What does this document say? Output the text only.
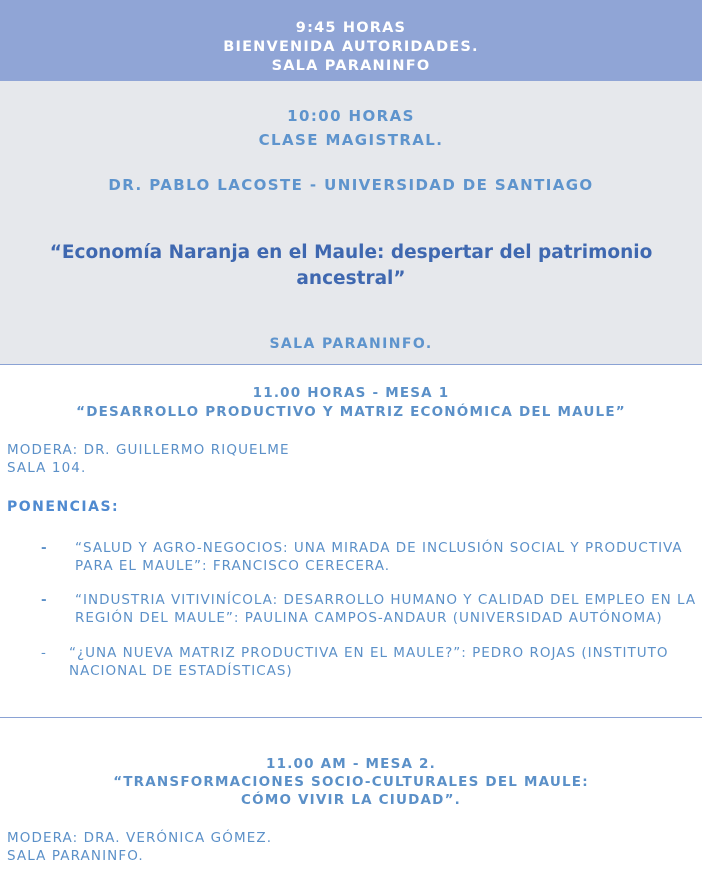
9:45 HORAS
BIENVENIDA AUTORIDADES.
SALA PARANINFO
10:00 HORAS
CLASE MAGISTRAL.
DR. PABLO LACOSTE - UNIVERSIDAD DE SANTIAGO
“Economía Naranja en el Maule: despertar del patrimonio ancestral”
SALA PARANINFO.
11.00 HORAS - MESA 1
“DESARROLLO PRODUCTIVO Y MATRIZ ECONÓMICA DEL MAULE”
MODERA: DR. GUILLERMO RIQUELME
SALA 104.
PONENCIAS:
- “SALUD Y AGRO-NEGOCIOS: UNA MIRADA DE INCLUSIÓN SOCIAL Y PRODUCTIVA
PARA EL MAULE”: FRANCISCO CERECERA.
- “INDUSTRIA VITIVINÍCOLA: DESARROLLO HUMANO Y CALIDAD DEL EMPLEO EN LA
REGIÓN DEL MAULE”: PAULINA CAMPOS-ANDAUR (UNIVERSIDAD AUTÓNOMA)
- “¿UNA NUEVA MATRIZ PRODUCTIVA EN EL MAULE?”: PEDRO ROJAS (INSTITUTO
NACIONAL DE ESTADÍSTICAS)
11.00 AM - MESA 2.
“TRANSFORMACIONES SOCIO-CULTURALES DEL MAULE:
CÓMO VIVIR LA CIUDAD”.
MODERA: DRA. VERÓNICA GÓMEZ.
SALA PARANINFO.
